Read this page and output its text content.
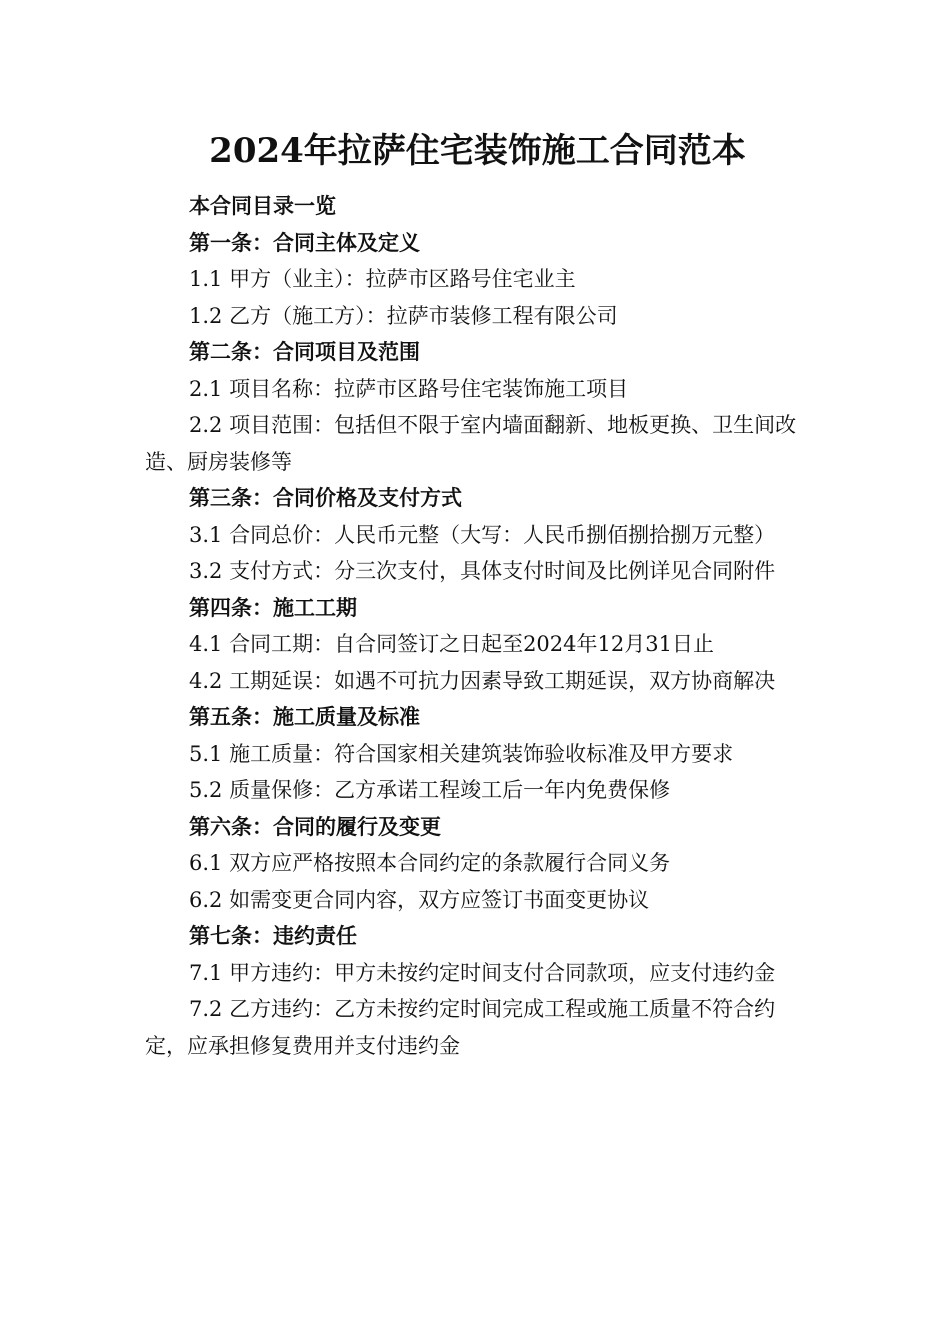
2024年拉萨住宅装饰施工合同范本

本合同目录一览

第一条：合同主体及定义

1.1 甲方（业主）：拉萨市区路号住宅业主

1.2 乙方（施工方）：拉萨市装修工程有限公司

第二条：合同项目及范围

2.1 项目名称：拉萨市区路号住宅装饰施工项目

2.2 项目范围：包括但不限于室内墙面翻新、地板更换、卫生间改造、厨房装修等

第三条：合同价格及支付方式

3.1 合同总价：人民币元整（大写：人民币捌佰捌拾捌万元整）

3.2 支付方式：分三次支付，具体支付时间及比例详见合同附件

第四条：施工工期

4.1 合同工期：自合同签订之日起至2024年12月31日止

4.2 工期延误：如遇不可抗力因素导致工期延误，双方协商解决

第五条：施工质量及标准

5.1 施工质量：符合国家相关建筑装饰验收标准及甲方要求

5.2 质量保修：乙方承诺工程竣工后一年内免费保修

第六条：合同的履行及变更

6.1 双方应严格按照本合同约定的条款履行合同义务

6.2 如需变更合同内容，双方应签订书面变更协议

第七条：违约责任

7.1 甲方违约：甲方未按约定时间支付合同款项，应支付违约金

7.2 乙方违约：乙方未按约定时间完成工程或施工质量不符合约定，应承担修复费用并支付违约金
